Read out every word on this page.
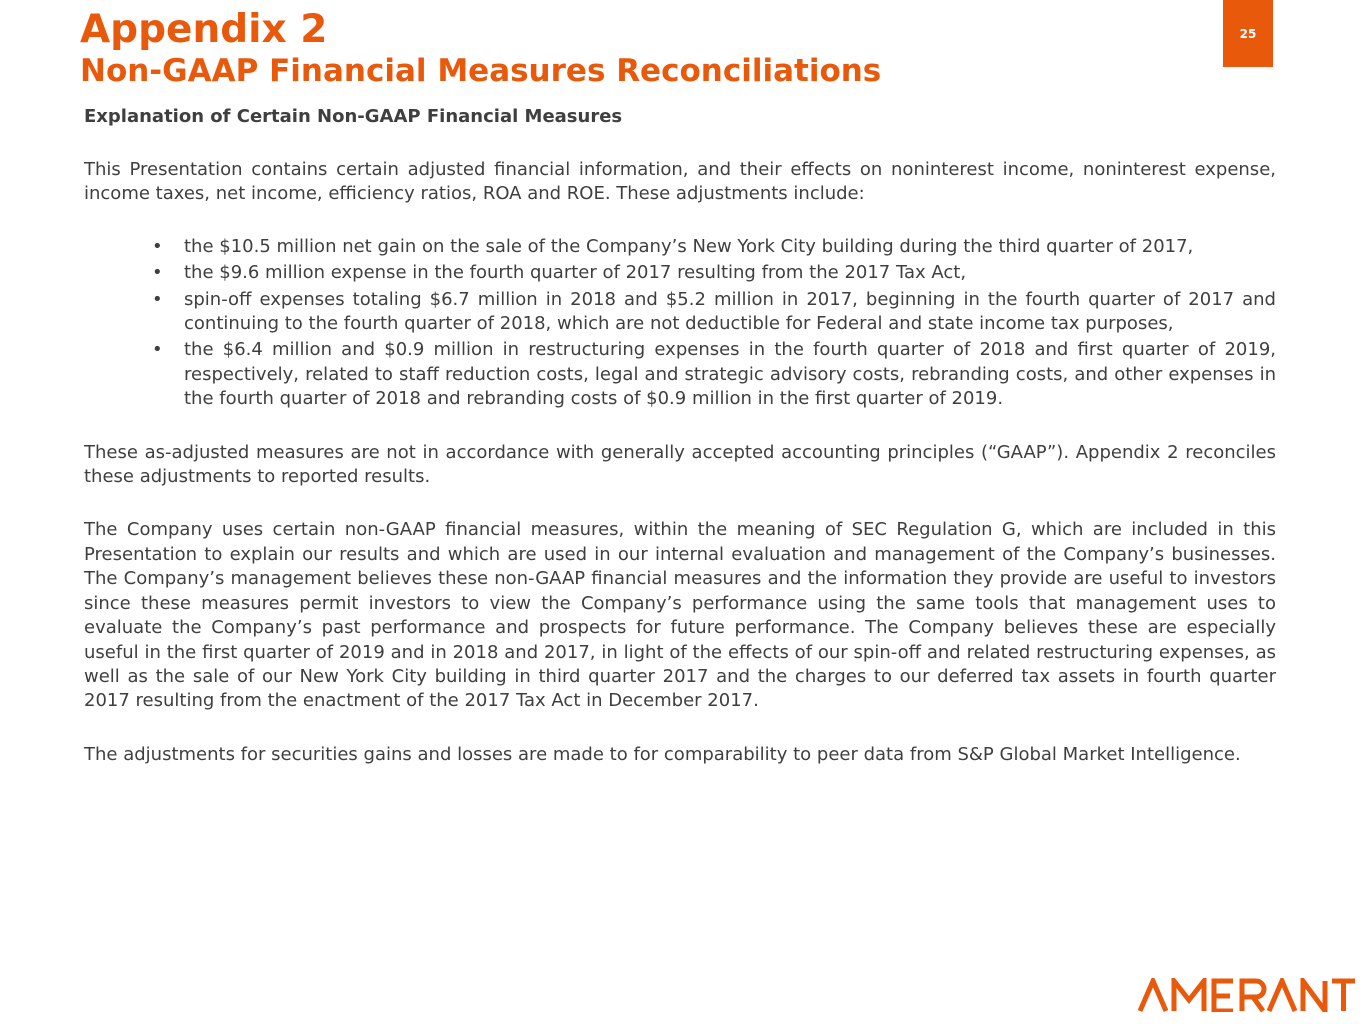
Appendix 2
Non-GAAP Financial Measures Reconciliations
25

Explanation of Certain Non-GAAP Financial Measures

This Presentation contains certain adjusted financial information, and their effects on noninterest income, noninterest expense, income taxes, net income, efficiency ratios, ROA and ROE. These adjustments include:

• the $10.5 million net gain on the sale of the Company’s New York City building during the third quarter of 2017,
• the $9.6 million expense in the fourth quarter of 2017 resulting from the 2017 Tax Act,
• spin-off expenses totaling $6.7 million in 2018 and $5.2 million in 2017, beginning in the fourth quarter of 2017 and continuing to the fourth quarter of 2018, which are not deductible for Federal and state income tax purposes,
• the $6.4 million and $0.9 million in restructuring expenses in the fourth quarter of 2018 and first quarter of 2019, respectively, related to staff reduction costs, legal and strategic advisory costs, rebranding costs, and other expenses in the fourth quarter of 2018 and rebranding costs of $0.9 million in the first quarter of 2019.

These as-adjusted measures are not in accordance with generally accepted accounting principles (“GAAP”). Appendix 2 reconciles these adjustments to reported results.

The Company uses certain non-GAAP financial measures, within the meaning of SEC Regulation G, which are included in this Presentation to explain our results and which are used in our internal evaluation and management of the Company’s businesses. The Company’s management believes these non-GAAP financial measures and the information they provide are useful to investors since these measures permit investors to view the Company’s performance using the same tools that management uses to evaluate the Company’s past performance and prospects for future performance. The Company believes these are especially useful in the first quarter of 2019 and in 2018 and 2017, in light of the effects of our spin-off and related restructuring expenses, as well as the sale of our New York City building in third quarter 2017 and the charges to our deferred tax assets in fourth quarter 2017 resulting from the enactment of the 2017 Tax Act in December 2017.

The adjustments for securities gains and losses are made to for comparability to peer data from S&P Global Market Intelligence.
